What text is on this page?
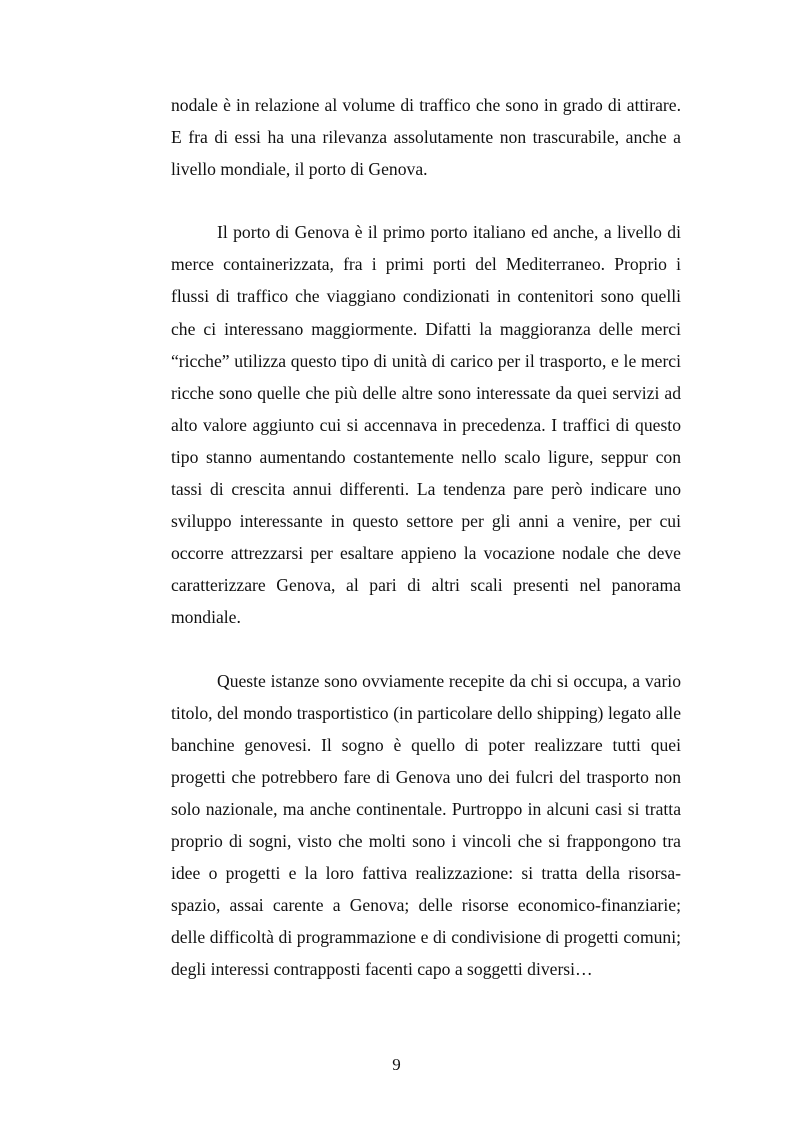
nodale è in relazione al volume di traffico che sono in grado di attirare. E fra di essi ha una rilevanza assolutamente non trascurabile, anche a livello mondiale, il porto di Genova.

Il porto di Genova è il primo porto italiano ed anche, a livello di merce containerizzata, fra i primi porti del Mediterraneo. Proprio i flussi di traffico che viaggiano condizionati in contenitori sono quelli che ci interessano maggiormente. Difatti la maggioranza delle merci “ricche” utilizza questo tipo di unità di carico per il trasporto, e le merci ricche sono quelle che più delle altre sono interessate da quei servizi ad alto valore aggiunto cui si accennava in precedenza. I traffici di questo tipo stanno aumentando costantemente nello scalo ligure, seppur con tassi di crescita annui differenti. La tendenza pare però indicare uno sviluppo interessante in questo settore per gli anni a venire, per cui occorre attrezzarsi per esaltare appieno la vocazione nodale che deve caratterizzare Genova, al pari di altri scali presenti nel panorama mondiale.

Queste istanze sono ovviamente recepite da chi si occupa, a vario titolo, del mondo trasportistico (in particolare dello shipping) legato alle banchine genovesi. Il sogno è quello di poter realizzare tutti quei progetti che potrebbero fare di Genova uno dei fulcri del trasporto non solo nazionale, ma anche continentale. Purtroppo in alcuni casi si tratta proprio di sogni, visto che molti sono i vincoli che si frappongono tra idee o progetti e la loro fattiva realizzazione: si tratta della risorsa-spazio, assai carente a Genova; delle risorse economico-finanziarie; delle difficoltà di programmazione e di condivisione di progetti comuni; degli interessi contrapposti facenti capo a soggetti diversi…

9
